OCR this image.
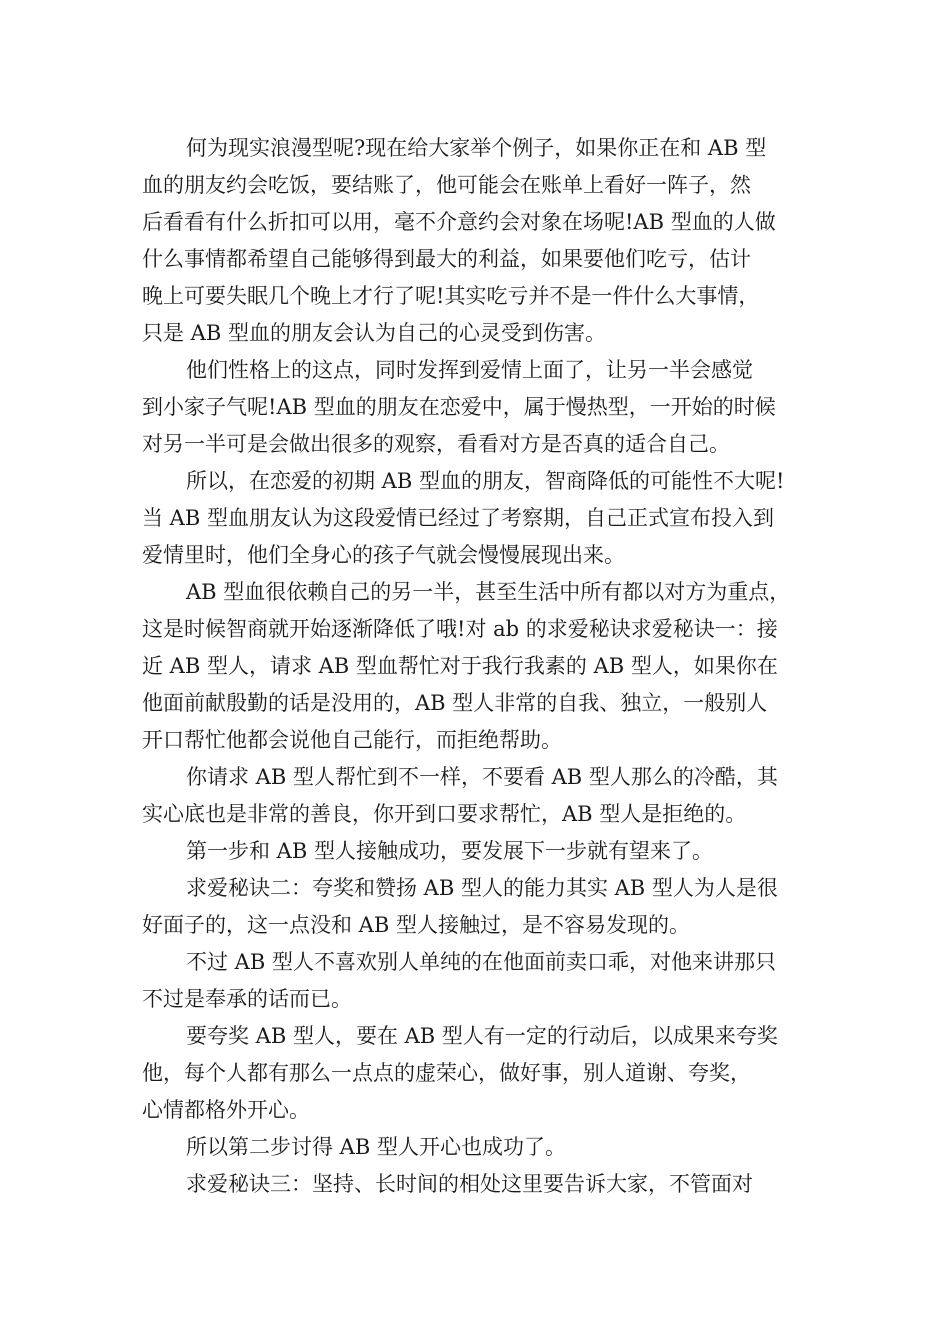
何为现实浪漫型呢?现在给大家举个例子，如果你正在和 AB 型
血的朋友约会吃饭，要结账了，他可能会在账单上看好一阵子，然
后看看有什么折扣可以用，毫不介意约会对象在场呢!AB 型血的人做
什么事情都希望自己能够得到最大的利益，如果要他们吃亏，估计
晚上可要失眠几个晚上才行了呢!其实吃亏并不是一件什么大事情，
只是 AB 型血的朋友会认为自己的心灵受到伤害。

他们性格上的这点，同时发挥到爱情上面了，让另一半会感觉
到小家子气呢!AB 型血的朋友在恋爱中，属于慢热型，一开始的时候
对另一半可是会做出很多的观察，看看对方是否真的适合自己。

所以，在恋爱的初期 AB 型血的朋友，智商降低的可能性不大呢!
当 AB 型血朋友认为这段爱情已经过了考察期，自己正式宣布投入到
爱情里时，他们全身心的孩子气就会慢慢展现出来。

AB 型血很依赖自己的另一半，甚至生活中所有都以对方为重点，
这是时候智商就开始逐渐降低了哦!对 ab 的求爱秘诀求爱秘诀一：接
近 AB 型人，请求 AB 型血帮忙对于我行我素的 AB 型人，如果你在
他面前献殷勤的话是没用的，AB 型人非常的自我、独立，一般别人
开口帮忙他都会说他自己能行，而拒绝帮助。

你请求 AB 型人帮忙到不一样，不要看 AB 型人那么的冷酷，其
实心底也是非常的善良，你开到口要求帮忙，AB 型人是拒绝的。

第一步和 AB 型人接触成功，要发展下一步就有望来了。

求爱秘诀二：夸奖和赞扬 AB 型人的能力其实 AB 型人为人是很
好面子的，这一点没和 AB 型人接触过，是不容易发现的。

不过 AB 型人不喜欢别人单纯的在他面前卖口乖，对他来讲那只
不过是奉承的话而已。

要夸奖 AB 型人，要在 AB 型人有一定的行动后，以成果来夸奖
他，每个人都有那么一点点的虚荣心，做好事，别人道谢、夸奖，
心情都格外开心。

所以第二步讨得 AB 型人开心也成功了。

求爱秘诀三：坚持、长时间的相处这里要告诉大家，不管面对
